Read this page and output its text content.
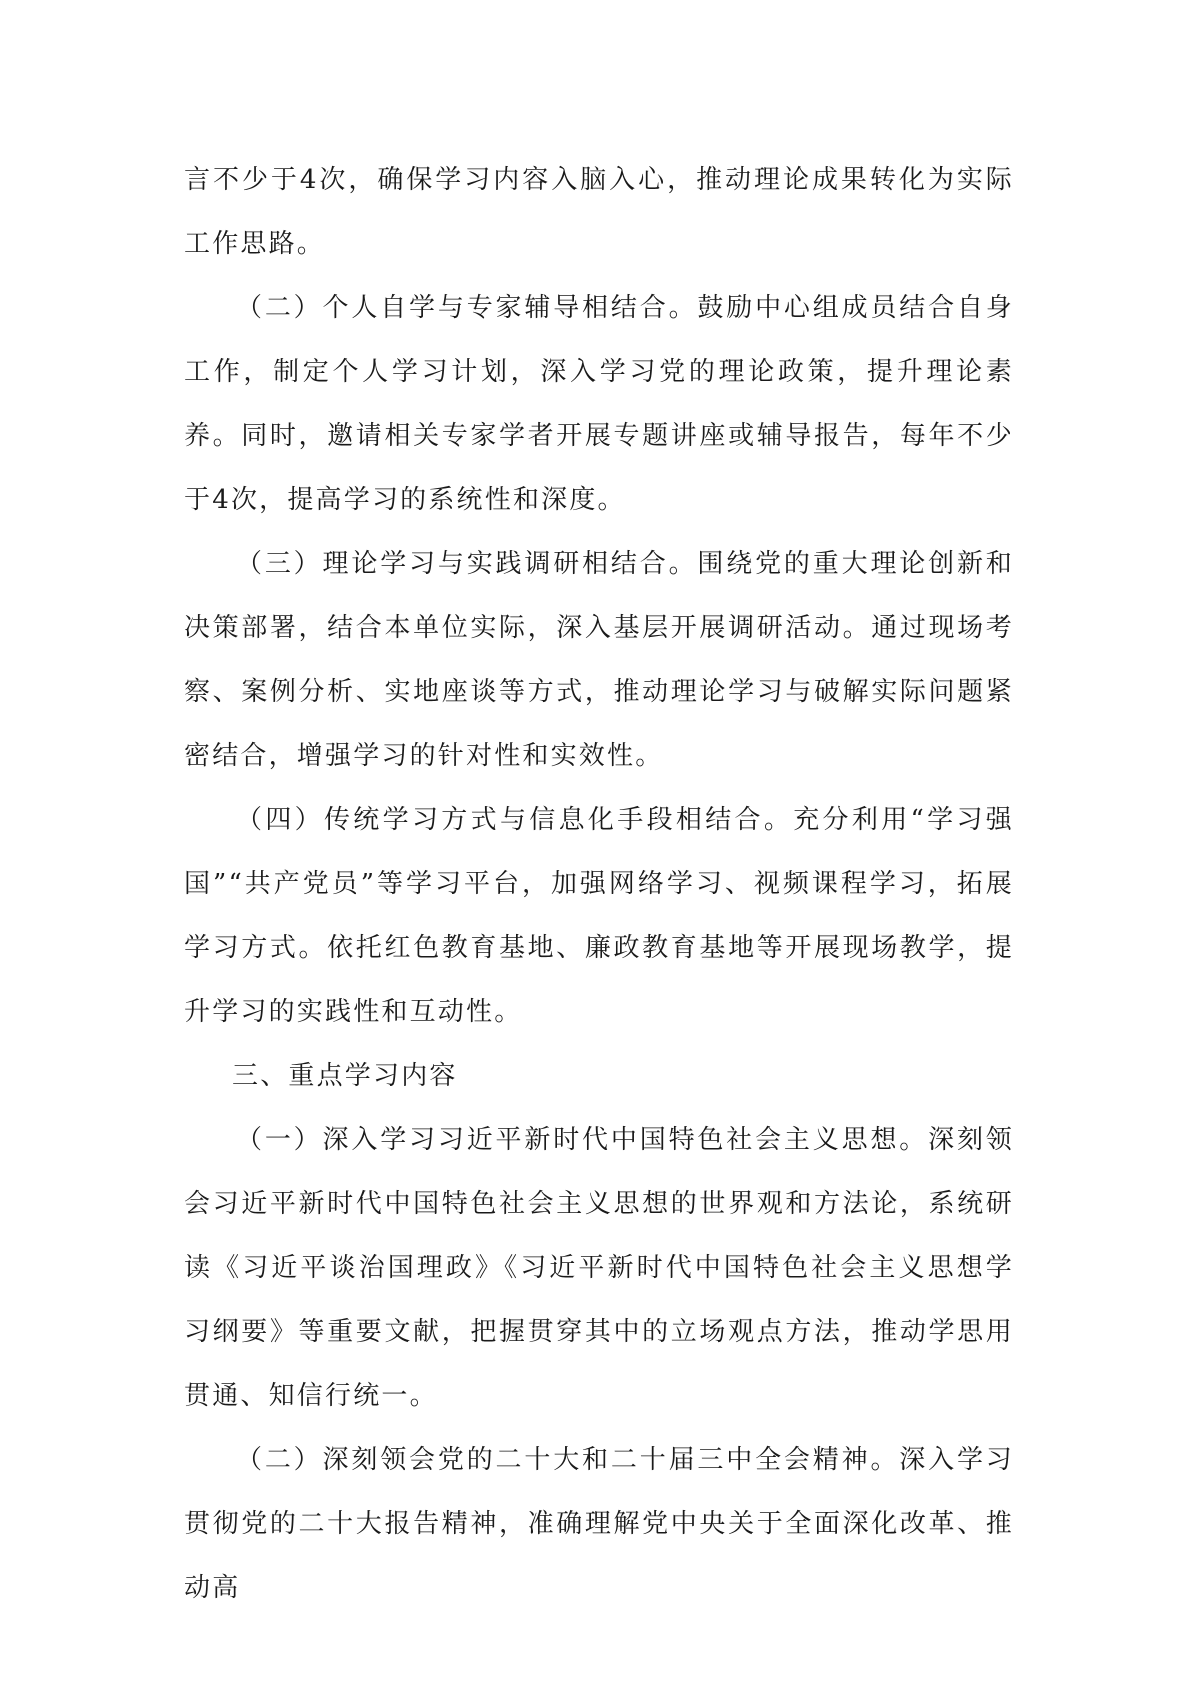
言不少于4次，确保学习内容入脑入心，推动理论成果转化为实际工作思路。

（二）个人自学与专家辅导相结合。鼓励中心组成员结合自身工作，制定个人学习计划，深入学习党的理论政策，提升理论素养。同时，邀请相关专家学者开展专题讲座或辅导报告，每年不少于4次，提高学习的系统性和深度。

（三）理论学习与实践调研相结合。围绕党的重大理论创新和决策部署，结合本单位实际，深入基层开展调研活动。通过现场考察、案例分析、实地座谈等方式，推动理论学习与破解实际问题紧密结合，增强学习的针对性和实效性。

（四）传统学习方式与信息化手段相结合。充分利用“学习强国”“共产党员”等学习平台，加强网络学习、视频课程学习，拓展学习方式。依托红色教育基地、廉政教育基地等开展现场教学，提升学习的实践性和互动性。

三、重点学习内容

（一）深入学习习近平新时代中国特色社会主义思想。深刻领会习近平新时代中国特色社会主义思想的世界观和方法论，系统研读《习近平谈治国理政》《习近平新时代中国特色社会主义思想学习纲要》等重要文献，把握贯穿其中的立场观点方法，推动学思用贯通、知信行统一。

（二）深刻领会党的二十大和二十届三中全会精神。深入学习贯彻党的二十大报告精神，准确理解党中央关于全面深化改革、推动高
